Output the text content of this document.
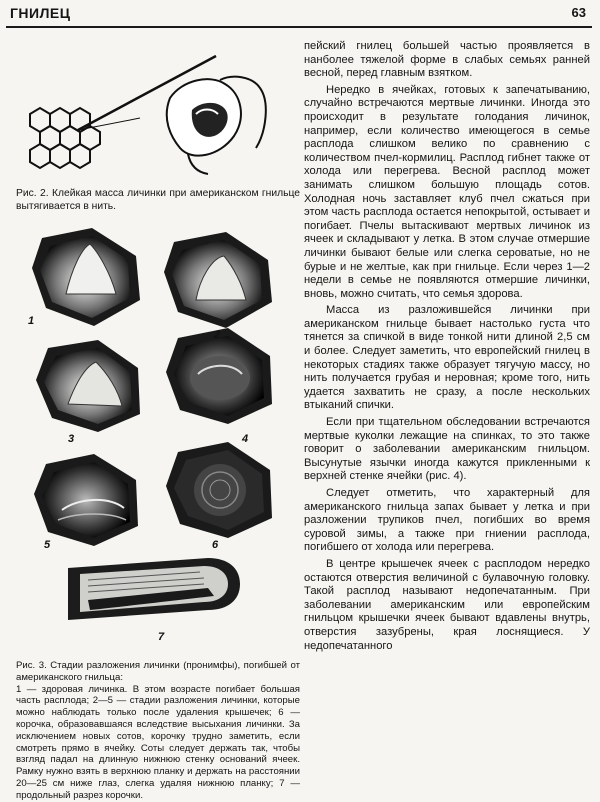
ГНИЛЕЦ	63
Рис. 2. Клейкая масса личинки при американском гнильце вытягивается в нить.
1
2
3	4
5	6
7

Рис. 3. Стадии разложения личинки (пронимфы), погибшей от американского гнильца:

1 — здоровая личинка. В этом возрасте погибает большая часть расплода; 2—5 — стадии разложения личинки, которые можно наблюдать только после удаления крышечек; 6 — корочка, образовавшаяся вследствие высыхания личинки. За исключением новых сотов, корочку трудно заметить, если смотреть прямо в ячейку. Соты следует держать так, чтобы взгляд падал на длинную нижнюю стенку оснований ячеек. Рамку нужно взять в верхнюю планку и держать на расстоянии 20—25 см ниже глаз, слегка удаляя нижнюю планку; 7 — продольный разрез корочки.

пейский гнилец большей частью проявляется в нанболее тяжелой форме в слабых семьях ранней весной, перед главным взятком.

Нередко в ячейках, готовых к запечатыванию, случайно встречаются мертвые личинки. Иногда это происходит в результате голодания личинок, например, если количество имеющегося в семье расплода слишком велико по сравнению с количеством пчел-кормилиц. Расплод гибнет также от холода или перегрева. Весной расплод может занимать слишком большую площадь сотов. Холодная ночь заставляет клуб пчел сжаться при этом часть расплода остается непокрытой, остывает и погибает. Пчелы вытаскивают мертвых личинок из ячеек и складывают у летка. В этом случае отмершие личинки бывают белые или слегка сероватые, но не бурые и не желтые, как при гнильце. Если через 1—2 недели в семье не появляются отмершие личинки, вновь, можно считать, что семья здорова.

Масса из разложившейся личинки при американском гнильце бывает настолько густа что тянется за спичкой в виде тонкой нити длиной 2,5 см и более. Следует заметить, что европейский гнилец в некоторых стадиях также образует тягучую массу, но нить получается грубая и неровная; кроме того, нить удается захватить не сразу, а после нескольких втыканий спички.

Если при тщательном обследовании встречаются мертвые куколки лежащие на спинках, то это также говорит о заболевании американским гнильцом. Высунутые язычки иногда кажутся прикленными к верхней стенке ячейки (рис. 4).

Следует отметить, что характерный для американского гнильца запах бывает у летка и при разложении трупиков пчел, погибших во время суровой зимы, а также при гниении расплода, погибшего от холода или перегрева.

В центре крышечек ячеек с расплодом нередко остаются отверстия величиной с булавочную головку. Такой расплод называют недопечатанным. При заболевании американским или европейским гнильцом крышечки ячеек бывают вдавлены внутрь, отверстия зазубрены, края лоснящиеся. У недопечатанного
